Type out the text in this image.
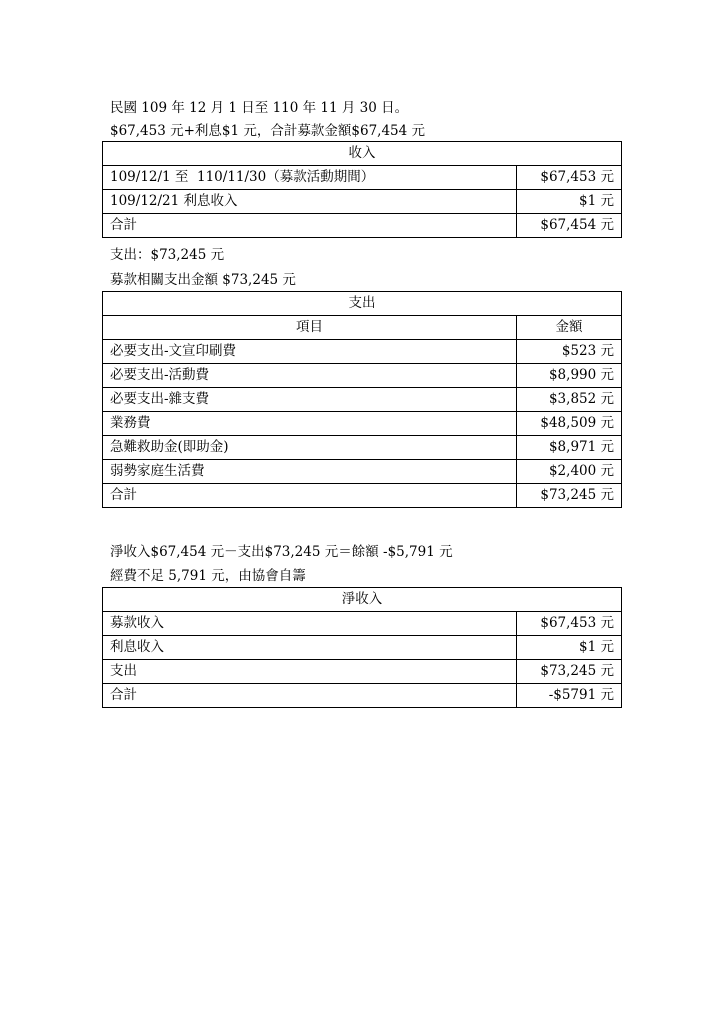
民國 109 年 12 月 1 日至 110 年 11 月 30 日。
$67,453 元+利息$1 元，合計募款金額$67,454 元
收入	
109/12/1 至  110/11/30（募款活動期間）	$67,453 元
109/12/21 利息收入	$1 元
合計	$67,454 元
支出：$73,245 元
募款相關支出金額 $73,245 元
支出	
項目	金額
必要支出-文宣印刷費	$523 元
必要支出-活動費	$8,990 元
必要支出-雜支費	$3,852 元
業務費	$48,509 元
急難救助金(即助金)	$8,971 元
弱勢家庭生活費	$2,400 元
合計	$73,245 元
淨收入$67,454 元－支出$73,245 元＝餘額 -$5,791 元
經費不足 5,791 元，由協會自籌
淨收入	
募款收入	$67,453 元
利息收入	$1 元
支出	$73,245 元
合計	-$5791 元
